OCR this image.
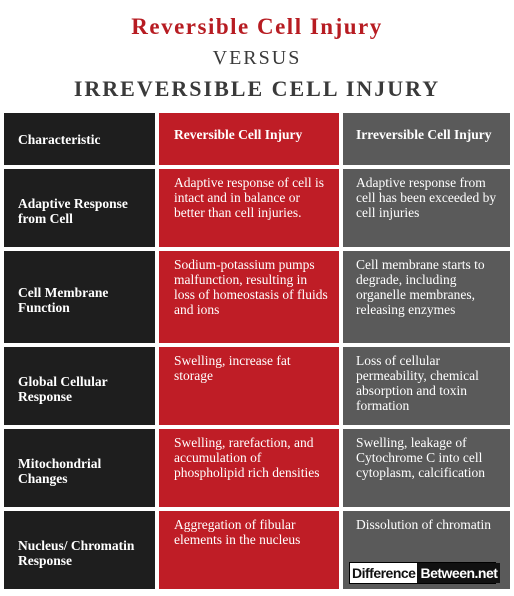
Reversible Cell Injury
VERSUS
IRREVERSIBLE CELL INJURY
Characteristic	Reversible Cell Injury	Irreversible Cell Injury
Adaptive Response from Cell
Adaptive response of cell is intact and in balance or better than cell injuries.
Adaptive response from cell has been exceeded by cell injuries
Cell Membrane Function
Sodium-potassium pumps malfunction, resulting in loss of homeostasis of fluids and ions
Cell membrane starts to degrade, including organelle membranes, releasing enzymes
Global Cellular Response
Swelling, increase fat storage
Loss of cellular permeability, chemical absorption and toxin formation
Mitochondrial Changes
Swelling, rarefaction, and accumulation of phospholipid rich densities
Swelling, leakage of Cytochrome C into cell cytoplasm, calcification
Nucleus/ Chromatin Response
Aggregation of fibular elements in the nucleus
Dissolution of chromatin
Difference Between.net
